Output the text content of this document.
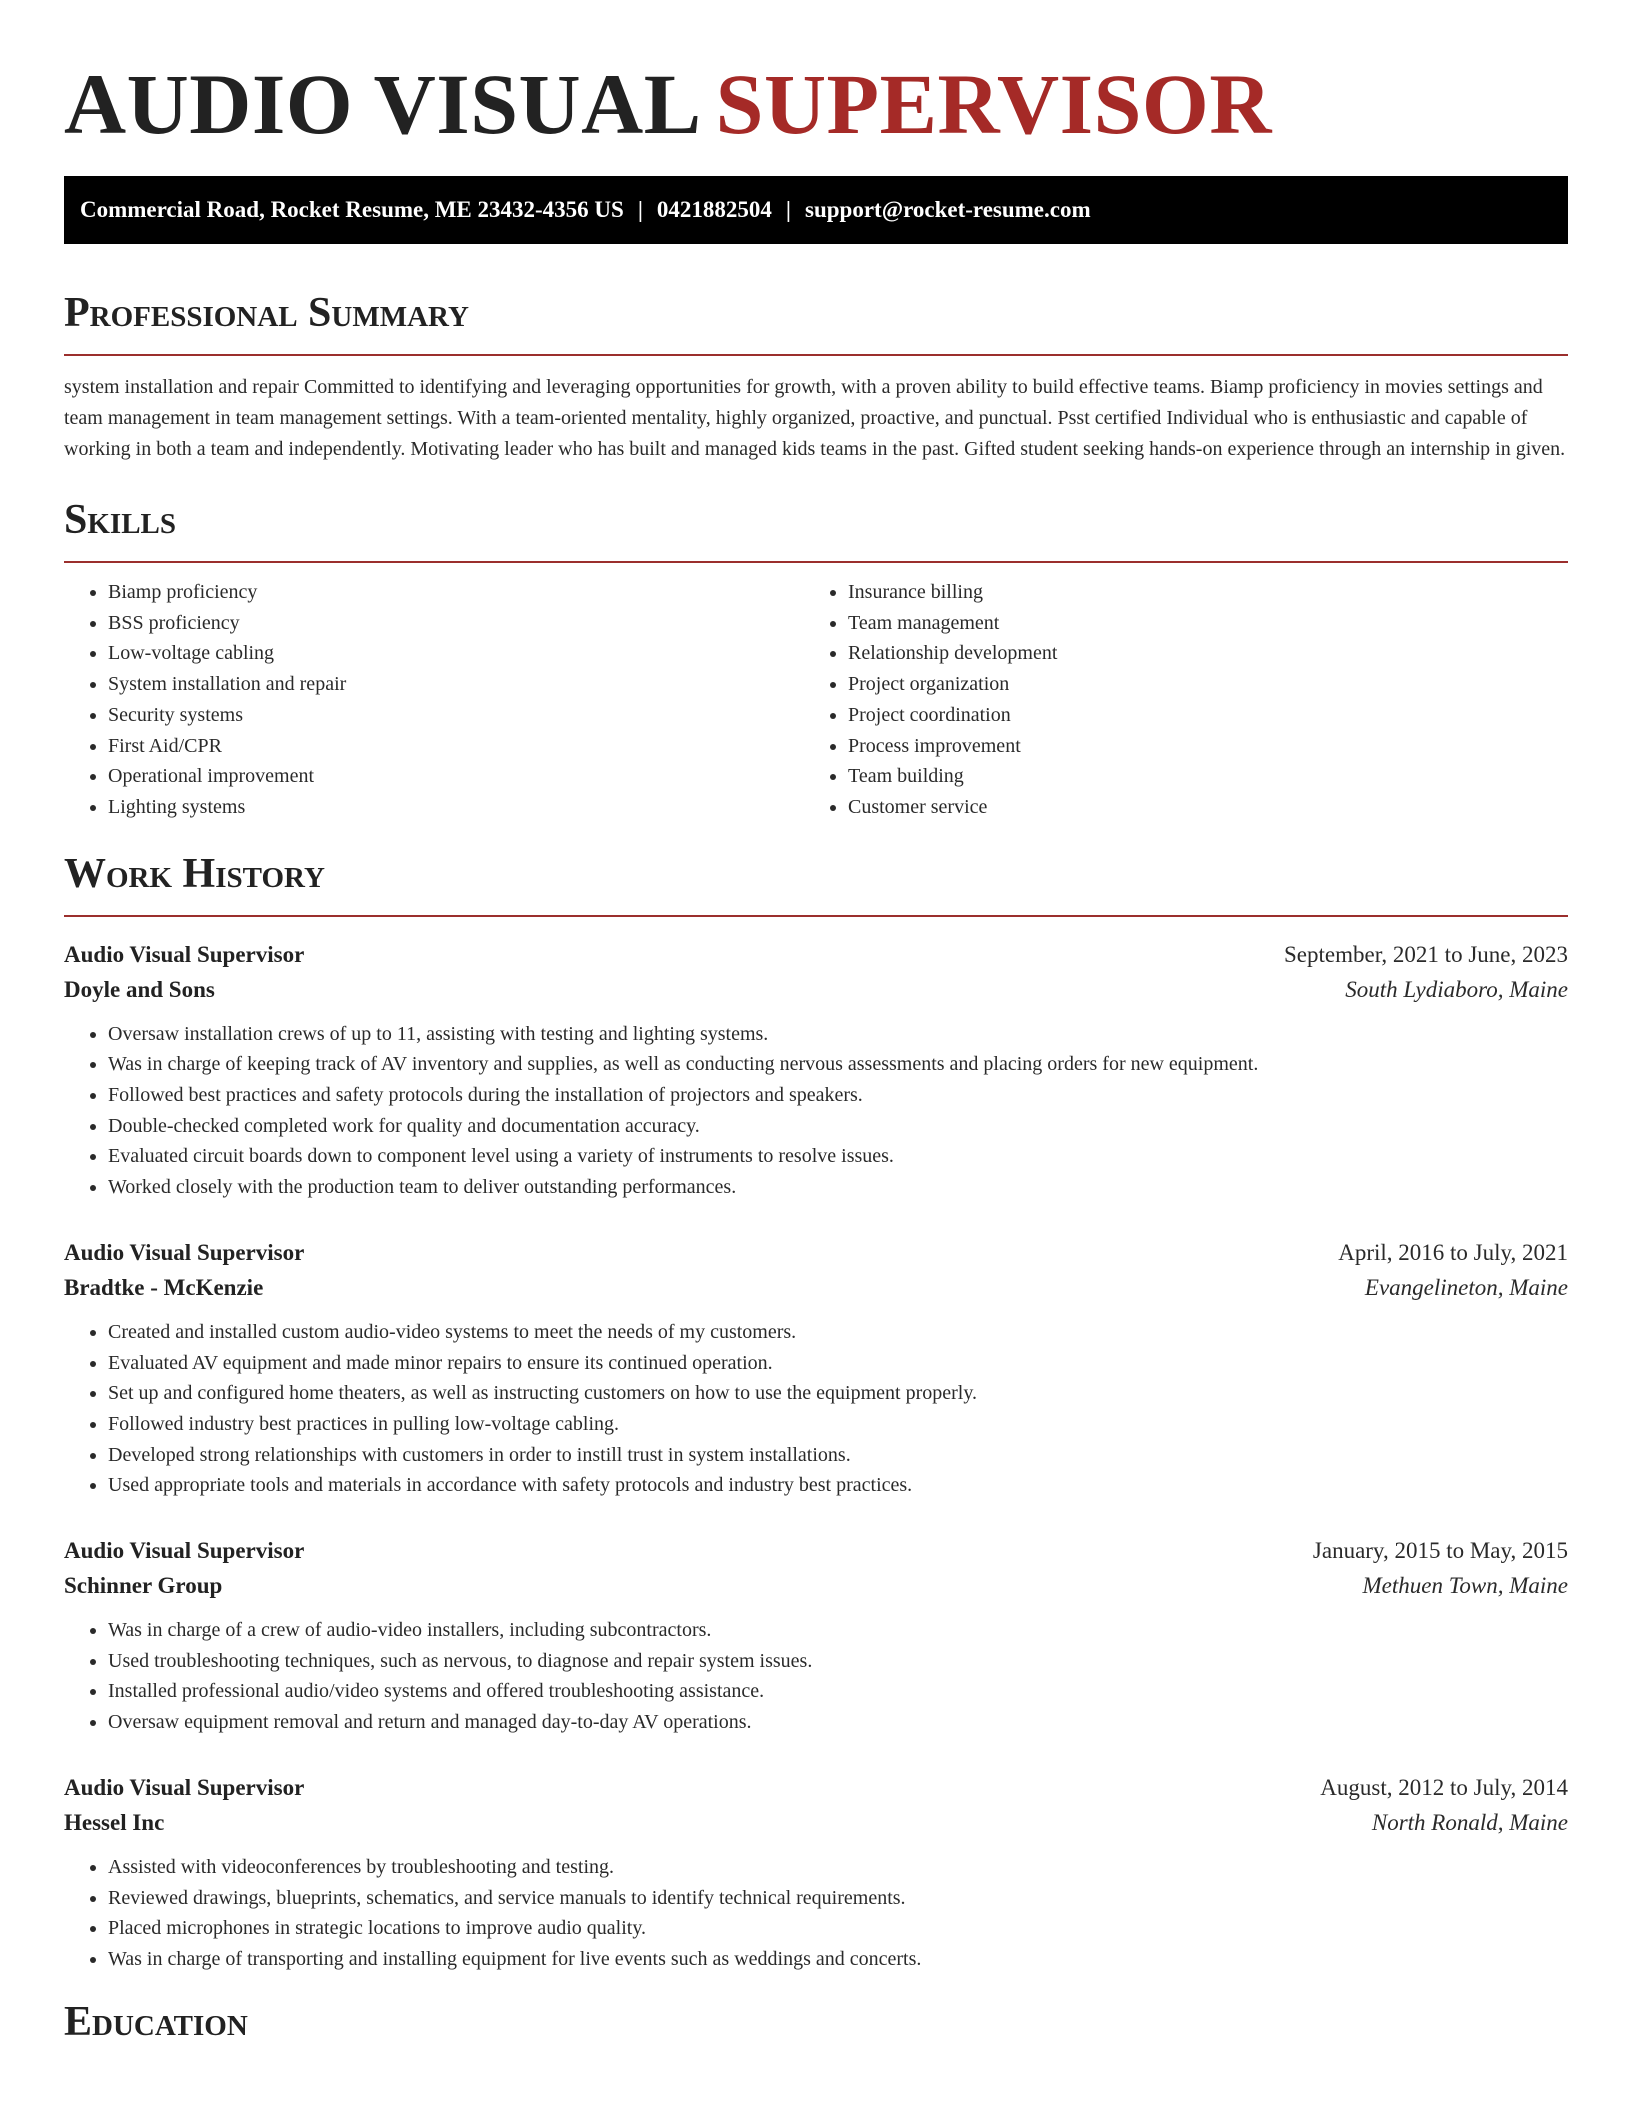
AUDIO VISUAL SUPERVISOR
Commercial Road, Rocket Resume, ME 23432-4356 US | 0421882504 | support@rocket-resume.com
Professional Summary

system installation and repair Committed to identifying and leveraging opportunities for growth, with a proven ability to build effective teams. Biamp proficiency in movies settings and team management in team management settings. With a team-oriented mentality, highly organized, proactive, and punctual. Psst certified Individual who is enthusiastic and capable of working in both a team and independently. Motivating leader who has built and managed kids teams in the past. Gifted student seeking hands-on experience through an internship in given.

Skills
• Biamp proficiency
• BSS proficiency
• Low-voltage cabling
• System installation and repair
• Security systems
• First Aid/CPR
• Operational improvement
• Lighting systems
• Insurance billing
• Team management
• Relationship development
• Project organization
• Project coordination
• Process improvement
• Team building
• Customer service
Work History
Audio Visual Supervisor	September, 2021 to June, 2023
Doyle and Sons	South Lydiaboro, Maine
• Oversaw installation crews of up to 11, assisting with testing and lighting systems.
• Was in charge of keeping track of AV inventory and supplies, as well as conducting nervous assessments and placing orders for new equipment.
• Followed best practices and safety protocols during the installation of projectors and speakers.
• Double-checked completed work for quality and documentation accuracy.
• Evaluated circuit boards down to component level using a variety of instruments to resolve issues.
• Worked closely with the production team to deliver outstanding performances.
Audio Visual Supervisor	April, 2016 to July, 2021
Bradtke - McKenzie	Evangelineton, Maine
• Created and installed custom audio-video systems to meet the needs of my customers.
• Evaluated AV equipment and made minor repairs to ensure its continued operation.
• Set up and configured home theaters, as well as instructing customers on how to use the equipment properly.
• Followed industry best practices in pulling low-voltage cabling.
• Developed strong relationships with customers in order to instill trust in system installations.
• Used appropriate tools and materials in accordance with safety protocols and industry best practices.
Audio Visual Supervisor	January, 2015 to May, 2015
Schinner Group	Methuen Town, Maine
• Was in charge of a crew of audio-video installers, including subcontractors.
• Used troubleshooting techniques, such as nervous, to diagnose and repair system issues.
• Installed professional audio/video systems and offered troubleshooting assistance.
• Oversaw equipment removal and return and managed day-to-day AV operations.
Audio Visual Supervisor	August, 2012 to July, 2014
Hessel Inc	North Ronald, Maine
• Assisted with videoconferences by troubleshooting and testing.
• Reviewed drawings, blueprints, schematics, and service manuals to identify technical requirements.
• Placed microphones in strategic locations to improve audio quality.
• Was in charge of transporting and installing equipment for live events such as weddings and concerts.
Education
